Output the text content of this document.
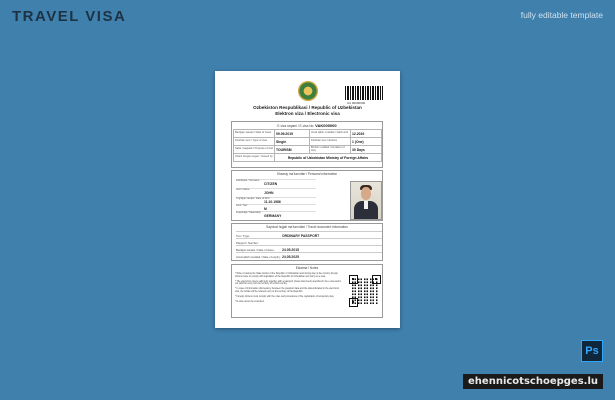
TRAVEL VISA	fully editable template
Ps
ehennicotschoepges.lu
UA 00000000
Ozbekiston Respublikasi / Republic of Uzbekistan
Elektron viza / Electronic visa
E-viza raqami / E-visa No: VAK000000
Berilgan sanasi / Date of issue	09.09.2019	Amal qilish muddati / Valid until	12.2019
Kirishlar soni / Type of visa	Single	Kirishlar soni / Entries	1 (One)
Safar maqsadi / Purpose of visit	TOURISM	Bo'lish muddati / Duration of stay	30 Days
Vizani bergan organ / Issued by	Republic of Uzbekistan Ministry of Foreign Affairs		
Shaxsiy ma'lumotlar / Personal information
Familiyasi / Surname
CITIZEN
Ismi / Name
JOHN
Tug'ilgan sanasi / Date of birth
11.10.1986
Jinsi / Sex
M
Fuqaroligi / Nationality
GERMANY
Sayohat hujjati ma'lumotlari / Travel document information
Turi / Type:	ORDINARY PASSPORT
Pasport / Number:
Berilgan sanasi / Date of issue: 24.05.2015
Amal qilish muddati / Date of expiry: 24.05.2025
Eslatma / Notes

* When crossing the State border of the Republic of Uzbekistan and during stay in the country foreign citizens have to comply with legislation of the Republic of Uzbekistan and carry an e-visa.

* The electronic visa is valid only together with a passport (travel document) specified in the e-visa and is not valid for entry into the territory of a third country.

* In case of information discrepancy between the passport data and the data indicated in the electronic visa, the holder will be refused entry to the territory of the Republic.

* Foreign citizens must comply with the rules and procedures of the registration of temporary stay.

* E-visa cannot be extended.
